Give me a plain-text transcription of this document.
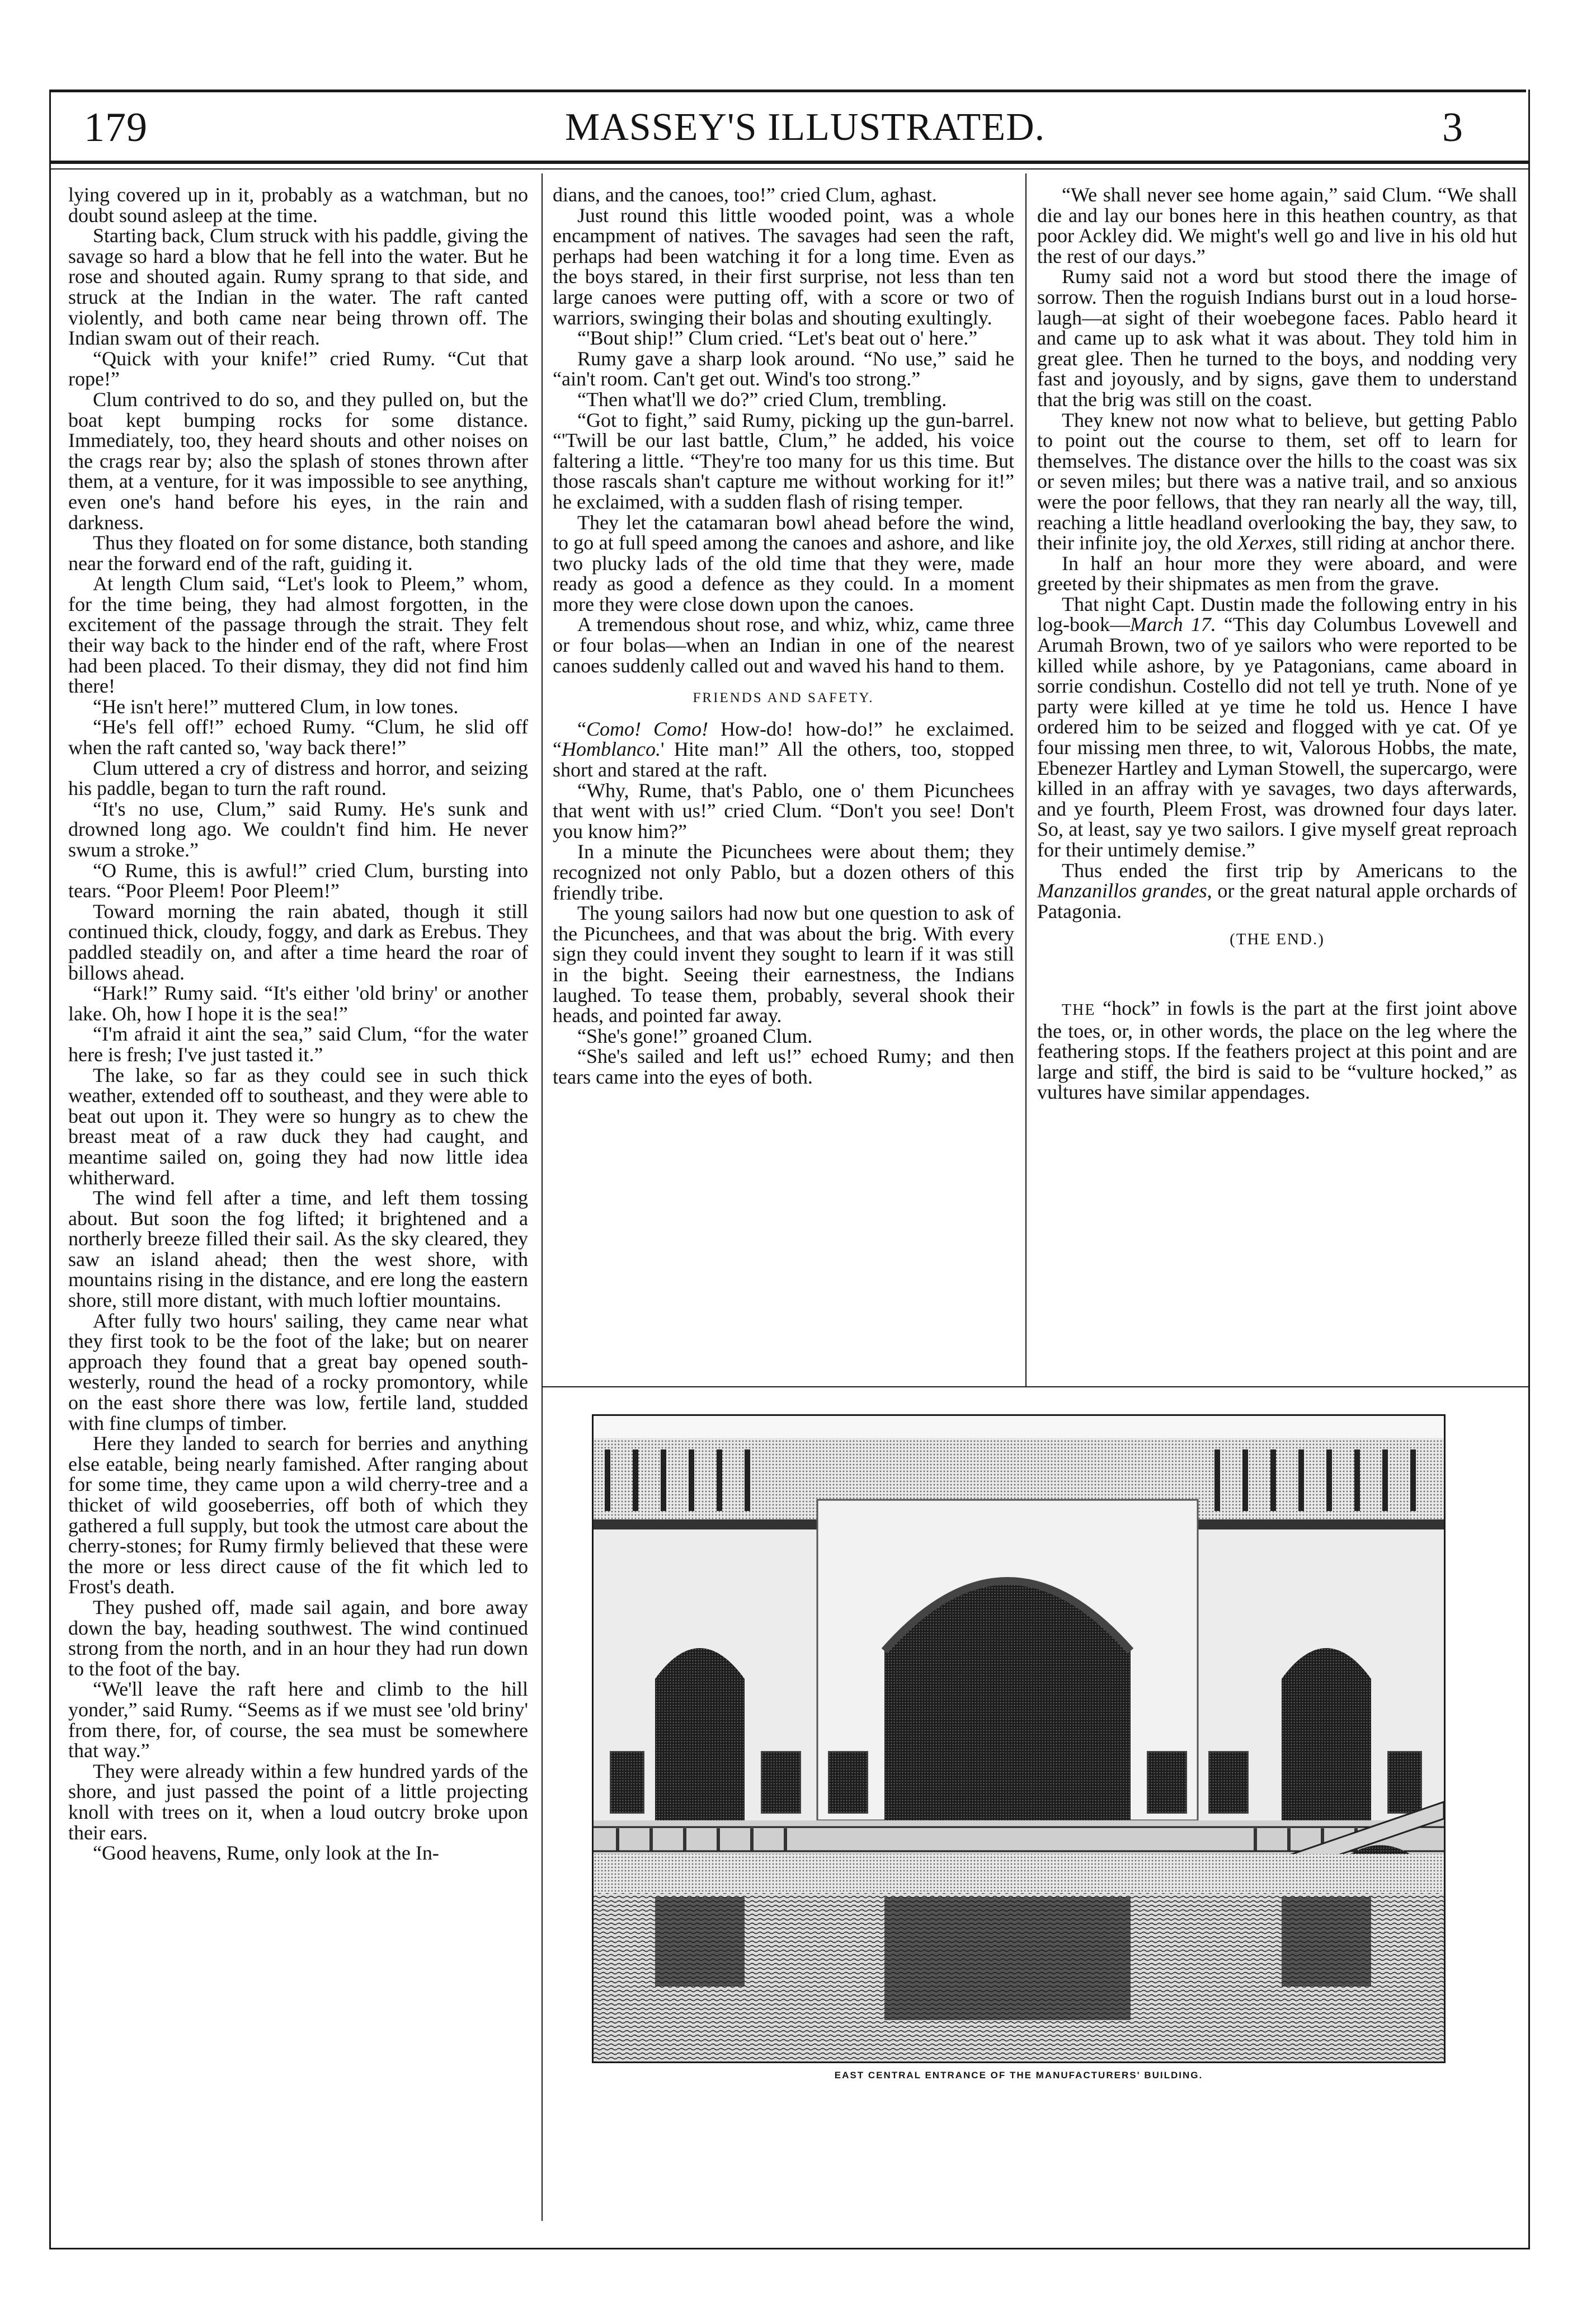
179	MASSEY'S ILLUSTRATED.	3

lying covered up in it, probably as a watchman, but no doubt sound asleep at the time.

Starting back, Clum struck with his paddle, giving the savage so hard a blow that he fell into the water. But he rose and shouted again. Rumy sprang to that side, and struck at the Indian in the water. The raft canted violently, and both came near being thrown off. The Indian swam out of their reach.

“Quick with your knife!” cried Rumy. “Cut that rope!”

Clum contrived to do so, and they pulled on, but the boat kept bumping rocks for some distance. Immediately, too, they heard shouts and other noises on the crags rear by; also the splash of stones thrown after them, at a venture, for it was impossible to see anything, even one's hand before his eyes, in the rain and darkness.

Thus they floated on for some distance, both standing near the forward end of the raft, guiding it.

At length Clum said, “Let's look to Pleem,” whom, for the time being, they had almost forgotten, in the excitement of the passage through the strait. They felt their way back to the hinder end of the raft, where Frost had been placed. To their dismay, they did not find him there!

“He isn't here!” muttered Clum, in low tones.

“He's fell off!” echoed Rumy. “Clum, he slid off when the raft canted so, 'way back there!”

Clum uttered a cry of distress and horror, and seizing his paddle, began to turn the raft round.

“It's no use, Clum,” said Rumy. He's sunk and drowned long ago. We couldn't find him. He never swum a stroke.”

“O Rume, this is awful!” cried Clum, bursting into tears. “Poor Pleem! Poor Pleem!”

Toward morning the rain abated, though it still continued thick, cloudy, foggy, and dark as Erebus. They paddled steadily on, and after a time heard the roar of billows ahead.

“Hark!” Rumy said. “It's either 'old briny' or another lake. Oh, how I hope it is the sea!”

“I'm afraid it aint the sea,” said Clum, “for the water here is fresh; I've just tasted it.”

The lake, so far as they could see in such thick weather, extended off to southeast, and they were able to beat out upon it. They were so hungry as to chew the breast meat of a raw duck they had caught, and meantime sailed on, going they had now little idea whitherward.

The wind fell after a time, and left them tossing about. But soon the fog lifted; it brightened and a northerly breeze filled their sail. As the sky cleared, they saw an island ahead; then the west shore, with mountains rising in the distance, and ere long the eastern shore, still more distant, with much loftier mountains.

After fully two hours' sailing, they came near what they first took to be the foot of the lake; but on nearer approach they found that a great bay opened south-westerly, round the head of a rocky promontory, while on the east shore there was low, fertile land, studded with fine clumps of timber.

Here they landed to search for berries and anything else eatable, being nearly famished. After ranging about for some time, they came upon a wild cherry-tree and a thicket of wild gooseberries, off both of which they gathered a full supply, but took the utmost care about the cherry-stones; for Rumy firmly believed that these were the more or less direct cause of the fit which led to Frost's death.

They pushed off, made sail again, and bore away down the bay, heading southwest. The wind continued strong from the north, and in an hour they had run down to the foot of the bay.

“We'll leave the raft here and climb to the hill yonder,” said Rumy. “Seems as if we must see 'old briny' from there, for, of course, the sea must be somewhere that way.”

They were already within a few hundred yards of the shore, and just passed the point of a little projecting knoll with trees on it, when a loud outcry broke upon their ears.

“Good heavens, Rume, only look at the In-

dians, and the canoes, too!” cried Clum, aghast.

Just round this little wooded point, was a whole encampment of natives. The savages had seen the raft, perhaps had been watching it for a long time. Even as the boys stared, in their first surprise, not less than ten large canoes were putting off, with a score or two of warriors, swinging their bolas and shouting exultingly.

“'Bout ship!” Clum cried. “Let's beat out o' here.”

Rumy gave a sharp look around. “No use,” said he “ain't room. Can't get out. Wind's too strong.”

“Then what'll we do?” cried Clum, trembling.

“Got to fight,” said Rumy, picking up the gun-barrel. “'Twill be our last battle, Clum,” he added, his voice faltering a little. “They're too many for us this time. But those rascals shan't capture me without working for it!” he exclaimed, with a sudden flash of rising temper.

They let the catamaran bowl ahead before the wind, to go at full speed among the canoes and ashore, and like two plucky lads of the old time that they were, made ready as good a defence as they could. In a moment more they were close down upon the canoes.

A tremendous shout rose, and whiz, whiz, came three or four bolas—when an Indian in one of the nearest canoes suddenly called out and waved his hand to them.

FRIENDS AND SAFETY.

“Como! Como! How-do! how-do!” he exclaimed. “Homblanco.' Hite man!” All the others, too, stopped short and stared at the raft.

“Why, Rume, that's Pablo, one o' them Picunchees that went with us!” cried Clum. “Don't you see! Don't you know him?”

In a minute the Picunchees were about them; they recognized not only Pablo, but a dozen others of this friendly tribe.

The young sailors had now but one question to ask of the Picunchees, and that was about the brig. With every sign they could invent they sought to learn if it was still in the bight. Seeing their earnestness, the Indians laughed. To tease them, probably, several shook their heads, and pointed far away.

“She's gone!” groaned Clum.

“She's sailed and left us!” echoed Rumy; and then tears came into the eyes of both.

“We shall never see home again,” said Clum. “We shall die and lay our bones here in this heathen country, as that poor Ackley did. We might's well go and live in his old hut the rest of our days.”

Rumy said not a word but stood there the image of sorrow. Then the roguish Indians burst out in a loud horse-laugh—at sight of their woebegone faces. Pablo heard it and came up to ask what it was about. They told him in great glee. Then he turned to the boys, and nodding very fast and joyously, and by signs, gave them to understand that the brig was still on the coast.

They knew not now what to believe, but getting Pablo to point out the course to them, set off to learn for themselves. The distance over the hills to the coast was six or seven miles; but there was a native trail, and so anxious were the poor fellows, that they ran nearly all the way, till, reaching a little headland overlooking the bay, they saw, to their infinite joy, the old Xerxes, still riding at anchor there.

In half an hour more they were aboard, and were greeted by their shipmates as men from the grave.

That night Capt. Dustin made the following entry in his log-book—March 17. “This day Columbus Lovewell and Arumah Brown, two of ye sailors who were reported to be killed while ashore, by ye Patagonians, came aboard in sorrie condishun. Costello did not tell ye truth. None of ye party were killed at ye time he told us. Hence I have ordered him to be seized and flogged with ye cat. Of ye four missing men three, to wit, Valorous Hobbs, the mate, Ebenezer Hartley and Lyman Stowell, the supercargo, were killed in an affray with ye savages, two days afterwards, and ye fourth, Pleem Frost, was drowned four days later. So, at least, say ye two sailors. I give myself great reproach for their untimely demise.”

Thus ended the first trip by Americans to the Manzanillos grandes, or the great natural apple orchards of Patagonia.

(THE END.)

THE “hock” in fowls is the part at the first joint above the toes, or, in other words, the place on the leg where the feathering stops. If the feathers project at this point and are large and stiff, the bird is said to be “vulture hocked,” as vultures have similar appendages.

EAST CENTRAL ENTRANCE OF THE MANUFACTURERS' BUILDING.
